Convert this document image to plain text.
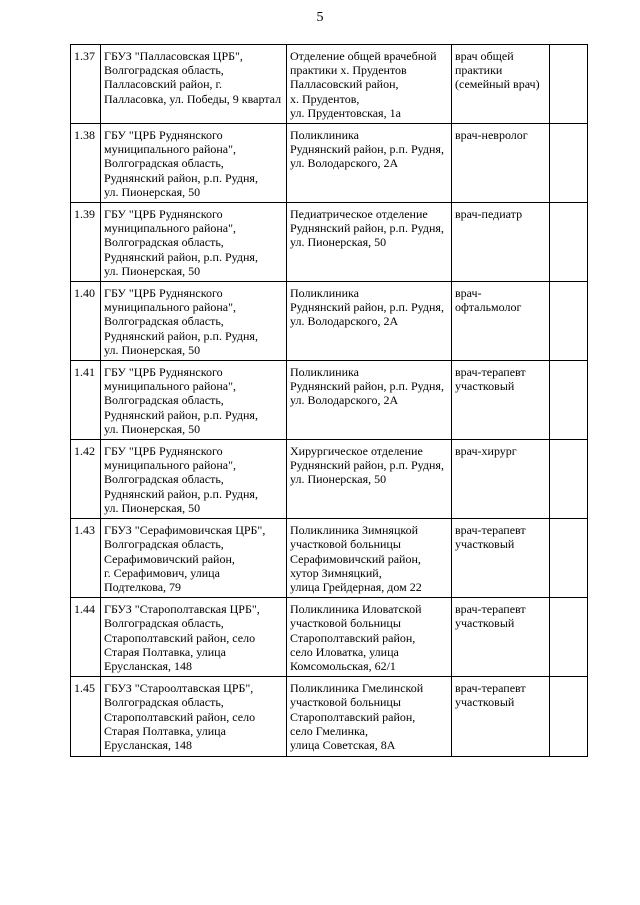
5
1.37	ГБУЗ "Палласовская ЦРБ",
Волгоградская область,
Палласовский район, г.
Палласовка, ул. Победы, 9 квартал	Отделение общей врачебной
практики х. Прудентов
Палласовский район,
х. Прудентов,
ул. Прудентовская, 1а	врач общей
практики
(семейный врач)	
1.38	ГБУ "ЦРБ Руднянского
муниципального района",
Волгоградская область,
Руднянский район, р.п. Рудня,
ул. Пионерская, 50	Поликлиника
Руднянский район, р.п. Рудня,
ул. Володарского, 2А	врач-невролог	
1.39	ГБУ "ЦРБ Руднянского
муниципального района",
Волгоградская область,
Руднянский район, р.п. Рудня,
ул. Пионерская, 50	Педиатрическое отделение
Руднянский район, р.п. Рудня,
ул. Пионерская, 50	врач-педиатр	
1.40	ГБУ "ЦРБ Руднянского
муниципального района",
Волгоградская область,
Руднянский район, р.п. Рудня,
ул. Пионерская, 50	Поликлиника
Руднянский район, р.п. Рудня,
ул. Володарского, 2А	врач-
офтальмолог	
1.41	ГБУ "ЦРБ Руднянского
муниципального района",
Волгоградская область,
Руднянский район, р.п. Рудня,
ул. Пионерская, 50	Поликлиника
Руднянский район, р.п. Рудня,
ул. Володарского, 2А	врач-терапевт
участковый	
1.42	ГБУ "ЦРБ Руднянского
муниципального района",
Волгоградская область,
Руднянский район, р.п. Рудня,
ул. Пионерская, 50	Хирургическое отделение
Руднянский район, р.п. Рудня,
ул. Пионерская, 50	врач-хирург	
1.43	ГБУЗ "Серафимовичская ЦРБ",
Волгоградская область,
Серафимовичский район,
г. Серафимович, улица
Подтелкова, 79	Поликлиника Зимняцкой
участковой больницы
Серафимовичский район,
хутор Зимняцкий,
улица Грейдерная, дом 22	врач-терапевт
участковый	
1.44	ГБУЗ "Старополтавская ЦРБ",
Волгоградская область,
Старополтавский район, село
Старая Полтавка, улица
Ерусланская, 148	Поликлиника Иловатской
участковой больницы
Старополтавский район,
село Иловатка, улица
Комсомольская, 62/1	врач-терапевт
участковый	
1.45	ГБУЗ "Староолтавская ЦРБ",
Волгоградская область,
Старополтавский район, село
Старая Полтавка, улица
Ерусланская, 148	Поликлиника Гмелинской
участковой больницы
Старополтавский район,
село Гмелинка,
улица Советская, 8А	врач-терапевт
участковый	
